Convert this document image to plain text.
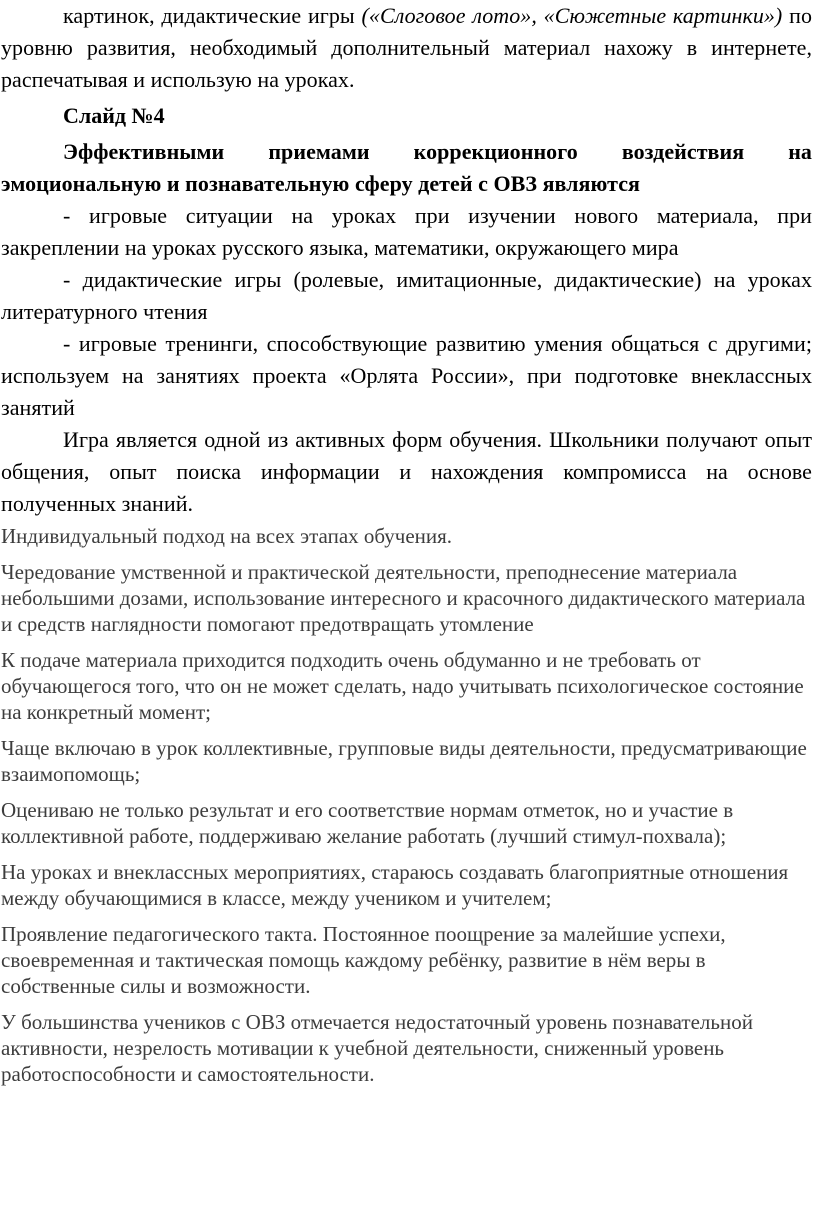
картинок, дидактические игры («Слоговое лото», «Сюжетные картинки») по уровню развития, необходимый дополнительный материал нахожу в интернете, распечатывая и использую на уроках.

Слайд №4

Эффективными приемами коррекционного воздействия на эмоциональную и познавательную сферу детей с ОВЗ являются

- игровые ситуации на уроках при изучении нового материала, при закреплении на уроках русского языка, математики, окружающего мира

- дидактические игры (ролевые, имитационные, дидактические) на уроках литературного чтения

- игровые тренинги, способствующие развитию умения общаться с другими; используем на занятиях проекта «Орлята России», при подготовке внеклассных занятий

Игра является одной из активных форм обучения. Школьники получают опыт общения, опыт поиска информации и нахождения компромисса на основе полученных знаний.

Индивидуальный подход на всех этапах обучения.

Чередование умственной и практической деятельности, преподнесение материала небольшими дозами, использование интересного и красочного дидактического материала и средств наглядности помогают предотвращать утомление

К подаче материала приходится подходить очень обдуманно и не требовать от обучающегося того, что он не может сделать, надо учитывать психологическое состояние на конкретный момент;

Чаще включаю в урок коллективные, групповые виды деятельности, предусматривающие взаимопомощь;

Оцениваю не только результат и его соответствие нормам отметок, но и участие в коллективной работе, поддерживаю желание работать (лучший стимул-похвала);

На уроках и внеклассных мероприятиях, стараюсь создавать благоприятные отношения между обучающимися в классе, между учеником и учителем;

Проявление педагогического такта. Постоянное поощрение за малейшие успехи, своевременная и тактическая помощь каждому ребёнку, развитие в нём веры в собственные силы и возможности.

У большинства учеников с ОВЗ отмечается недостаточный уровень познавательной активности, незрелость мотивации к учебной деятельности, сниженный уровень работоспособности и самостоятельности.
